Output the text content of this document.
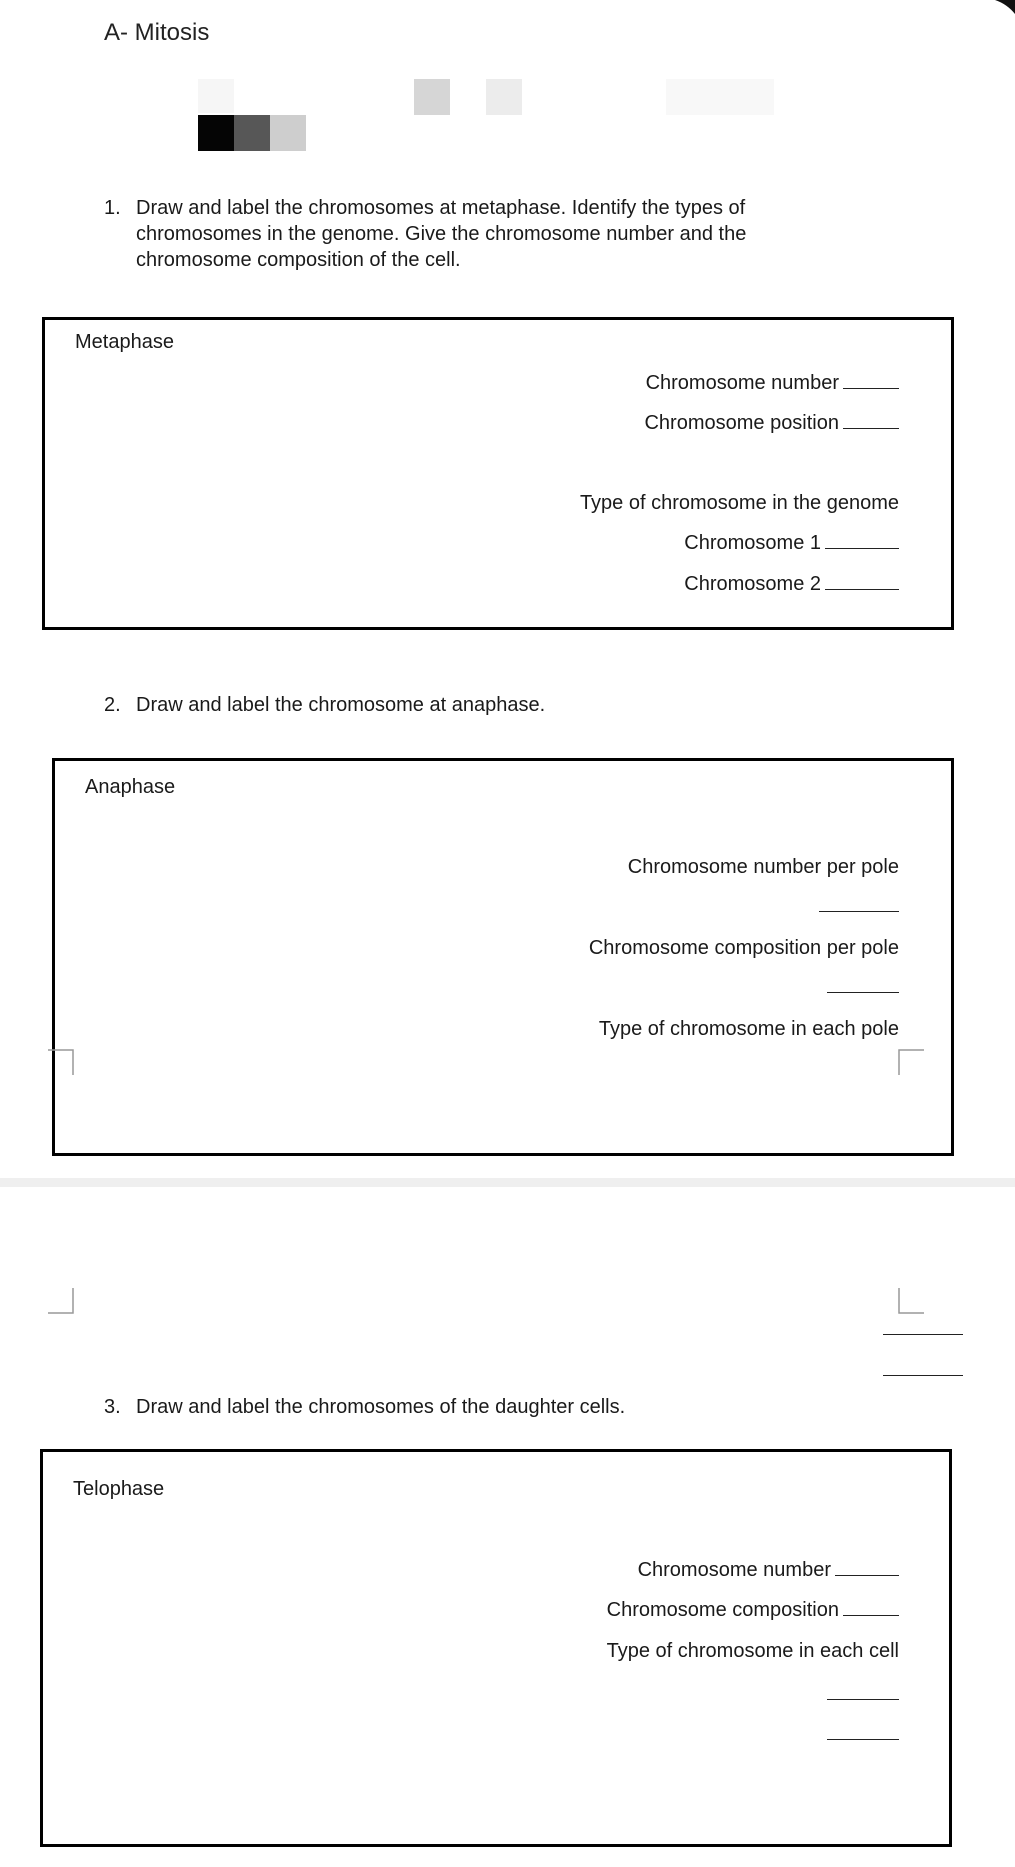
A- Mitosis
1. Draw and label the chromosomes at metaphase. Identify the types of
chromosomes in the genome. Give the chromosome number and the
chromosome composition of the cell.
Metaphase
Chromosome number
Chromosome position
Type of chromosome in the genome
Chromosome 1
Chromosome 2
2. Draw and label the chromosome at anaphase.
Anaphase
Chromosome number per pole
Chromosome composition per pole
Type of chromosome in each pole
3. Draw and label the chromosomes of the daughter cells.
Telophase
Chromosome number
Chromosome composition
Type of chromosome in each cell
